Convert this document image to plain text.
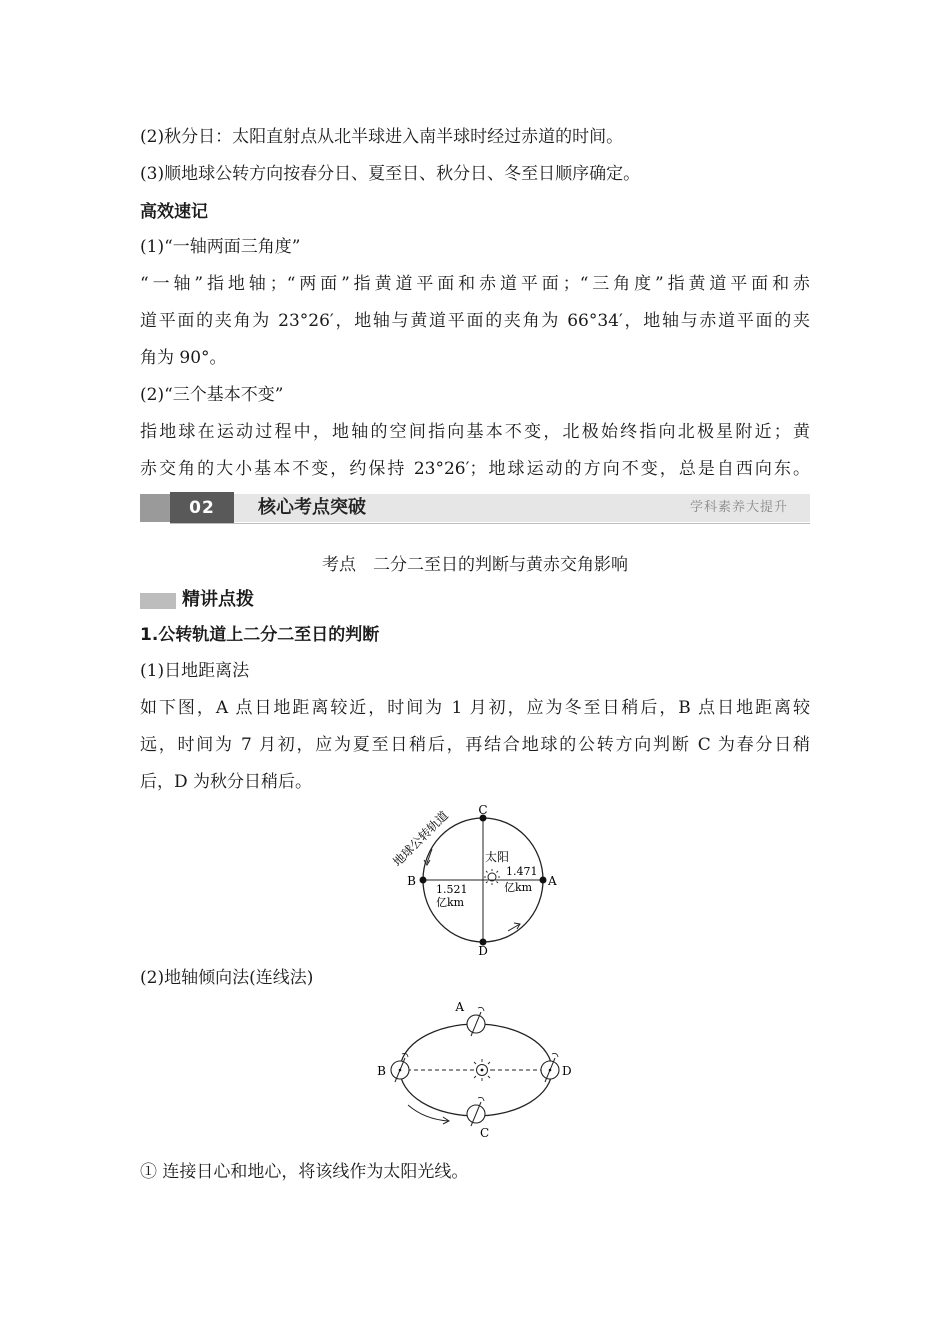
(2)秋分日：太阳直射点从北半球进入南半球时经过赤道的时间。
(3)顺地球公转方向按春分日、夏至日、秋分日、冬至日顺序确定。
高效速记
(1)“一轴两面三角度”
“一轴”指地轴；“两面”指黄道平面和赤道平面；“三角度”指黄道平面和赤
道平面的夹角为 23°26′，地轴与黄道平面的夹角为 66°34′，地轴与赤道平面的夹
角为 90°。
(2)“三个基本不变”
指地球在运动过程中，地轴的空间指向基本不变，北极始终指向北极星附近；黄
赤交角的大小基本不变，约保持 23°26′；地球运动的方向不变，总是自西向东。
02	核心考点突破	学科素养大提升
考点　二分二至日的判断与黄赤交角影响
精讲点拨
1.公转轨道上二分二至日的判断
(1)日地距离法
如下图，A 点日地距离较近，时间为 1 月初，应为冬至日稍后，B 点日地距离较
远，时间为 7 月初，应为夏至日稍后，再结合地球的公转方向判断 C 为春分日稍
后，D 为秋分日稍后。
B	A
C
D
太阳
1.521
亿km
1.471
亿km
地球公转轨道
(2)地轴倾向法(连线法)
A
B
C
D
① 连接日心和地心，将该线作为太阳光线。
